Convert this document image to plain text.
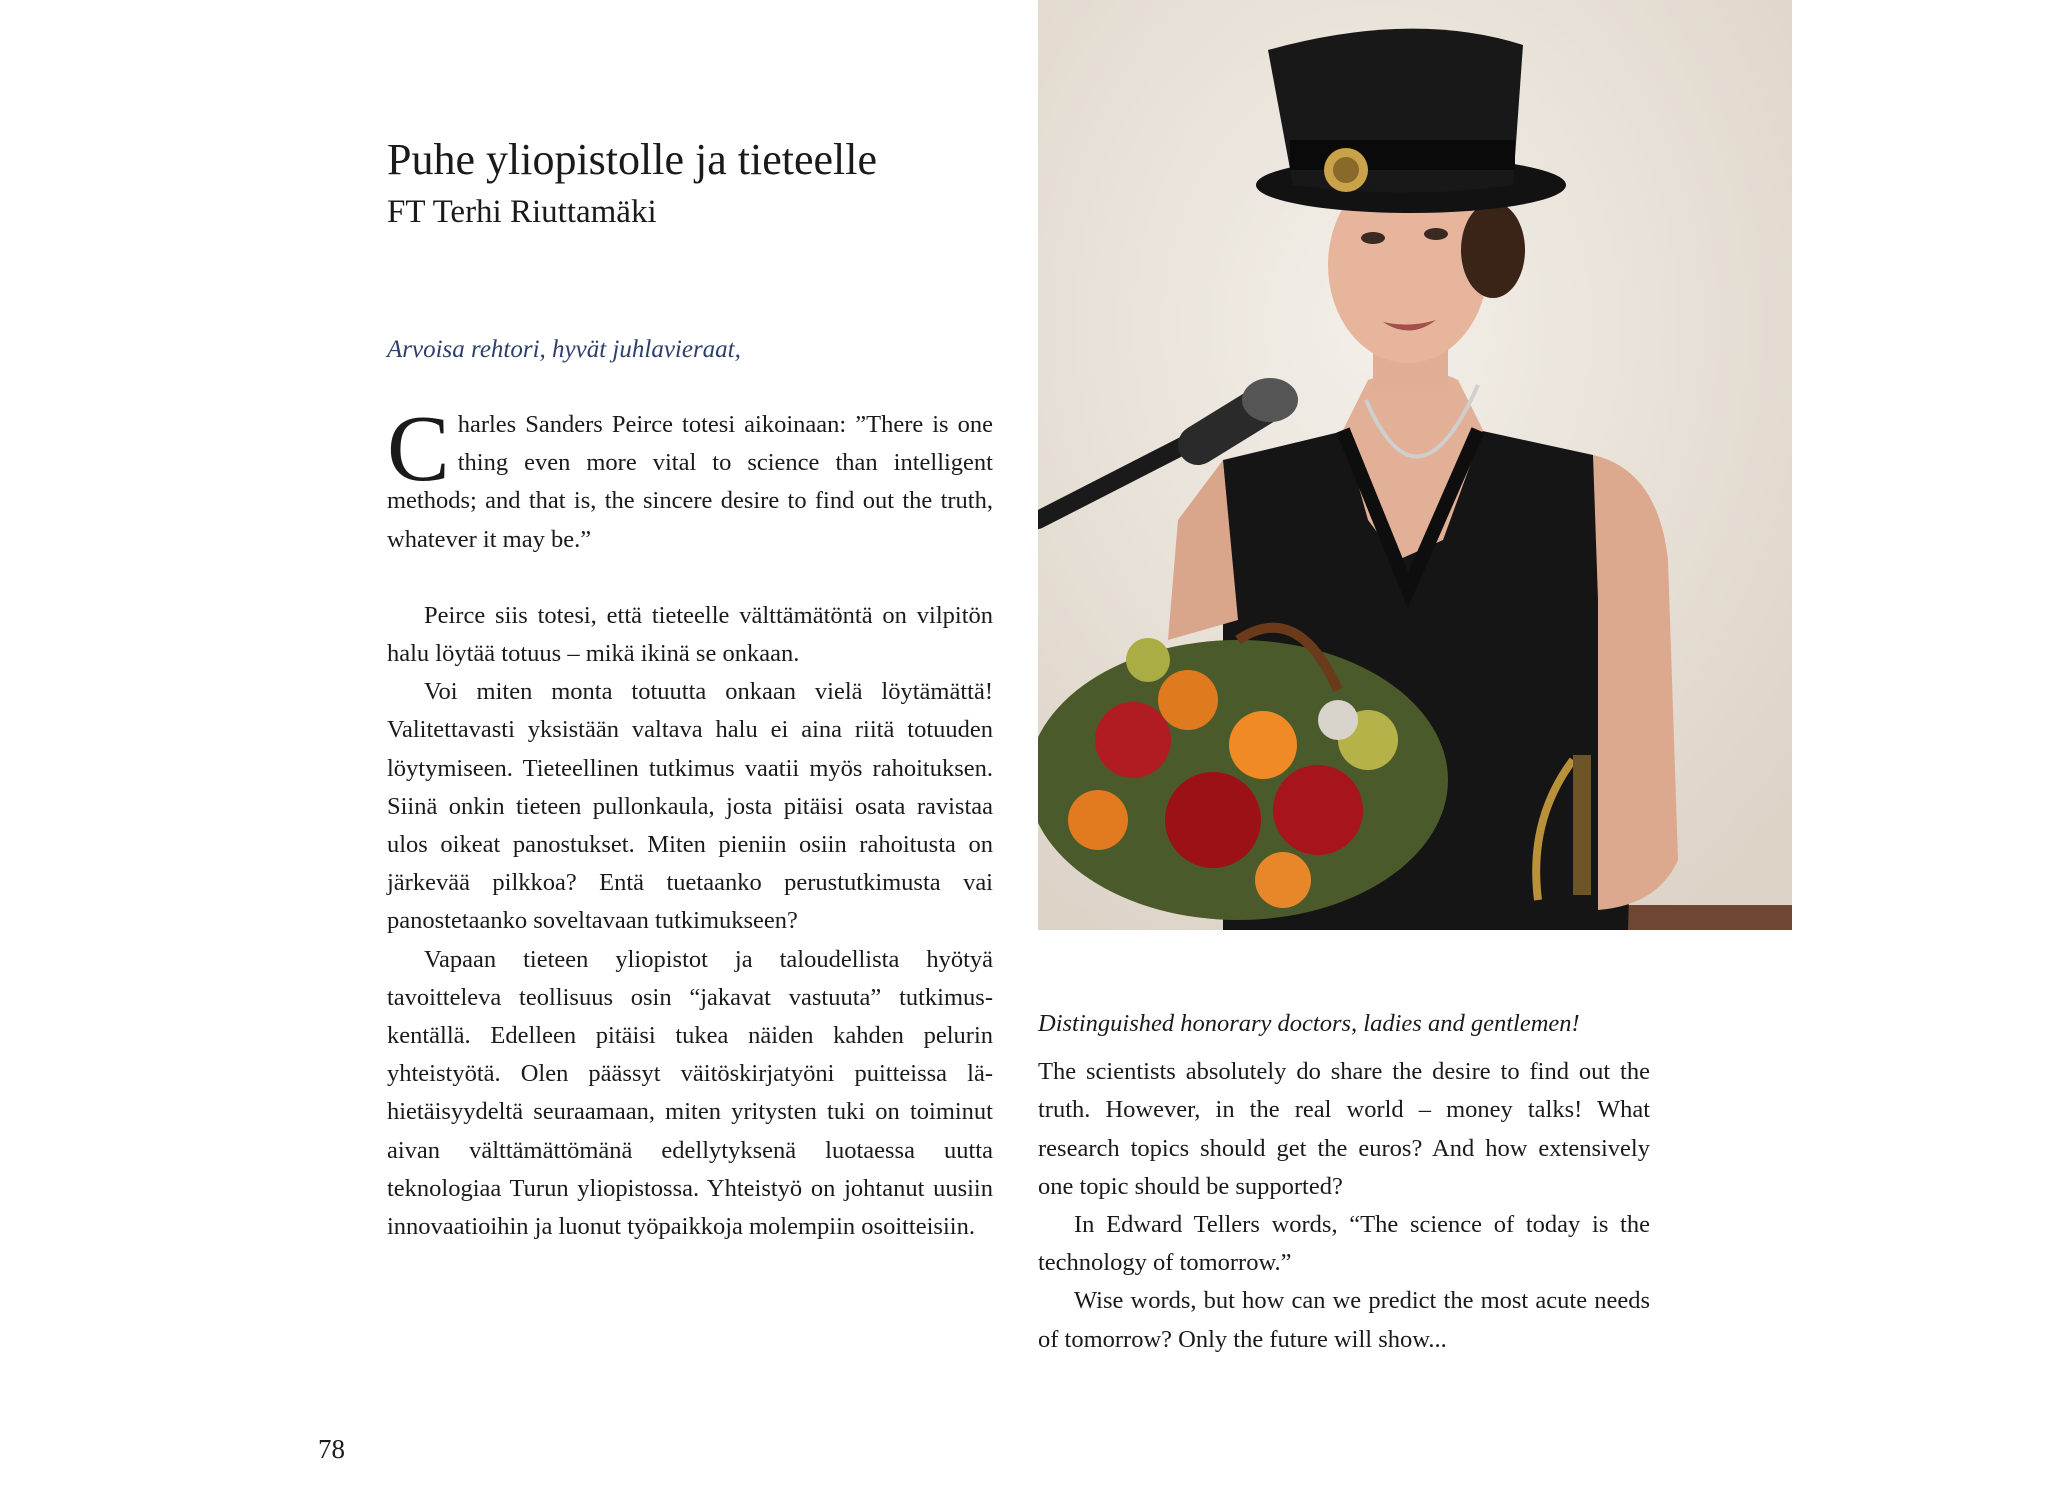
Puhe yliopistolle ja tieteelle
FT Terhi Riuttamäki
Arvoisa rehtori, hyvät juhlavieraat,

Charles Sanders Peirce totesi aikoinaan: ”There is one thing even more vital to science than intelligent methods; and that is, the sincere desire to find out the truth, whatever it may be.”

Peirce siis totesi, että tieteelle välttämätöntä on vilpitön halu löytää totuus – mikä ikinä se onkaan.

Voi miten monta totuutta onkaan vielä löytämättä! Valitettavasti yksistään valtava halu ei aina riitä totuuden löytymiseen. Tieteellinen tutkimus vaatii myös rahoituksen. Siinä onkin tieteen pullonkaula, josta pitäisi osata ravistaa ulos oikeat panostukset. Miten pieniin osiin rahoitusta on järkevää pilkkoa? Entä tuetaanko perustutkimusta vai panostetaanko soveltavaan tutkimukseen?

Vapaan tieteen yliopistot ja taloudellista hyötyä tavoitteleva teollisuus osin “jakavat vastuuta” tutkimuskentällä. Edelleen pitäisi tukea näiden kahden pelurin yhteistyötä. Olen päässyt väitöskirjatyöni puitteissa lähietäisyydeltä seuraamaan, miten yritysten tuki on toiminut aivan välttämättömänä edellytyksenä luotaessa uutta teknologiaa Turun yliopistossa. Yhteistyö on johtanut uusiin innovaatioihin ja luonut työpaikkoja molempiin osoitteisiin.

Distinguished honorary doctors, ladies and gentlemen!

The scientists absolutely do share the desire to find out the truth. However, in the real world – money talks! What research topics should get the euros? And how extensively one topic should be supported?

In Edward Tellers words, “The science of today is the technology of tomorrow.”

Wise words, but how can we predict the most acute needs of tomorrow? Only the future will show...

78
